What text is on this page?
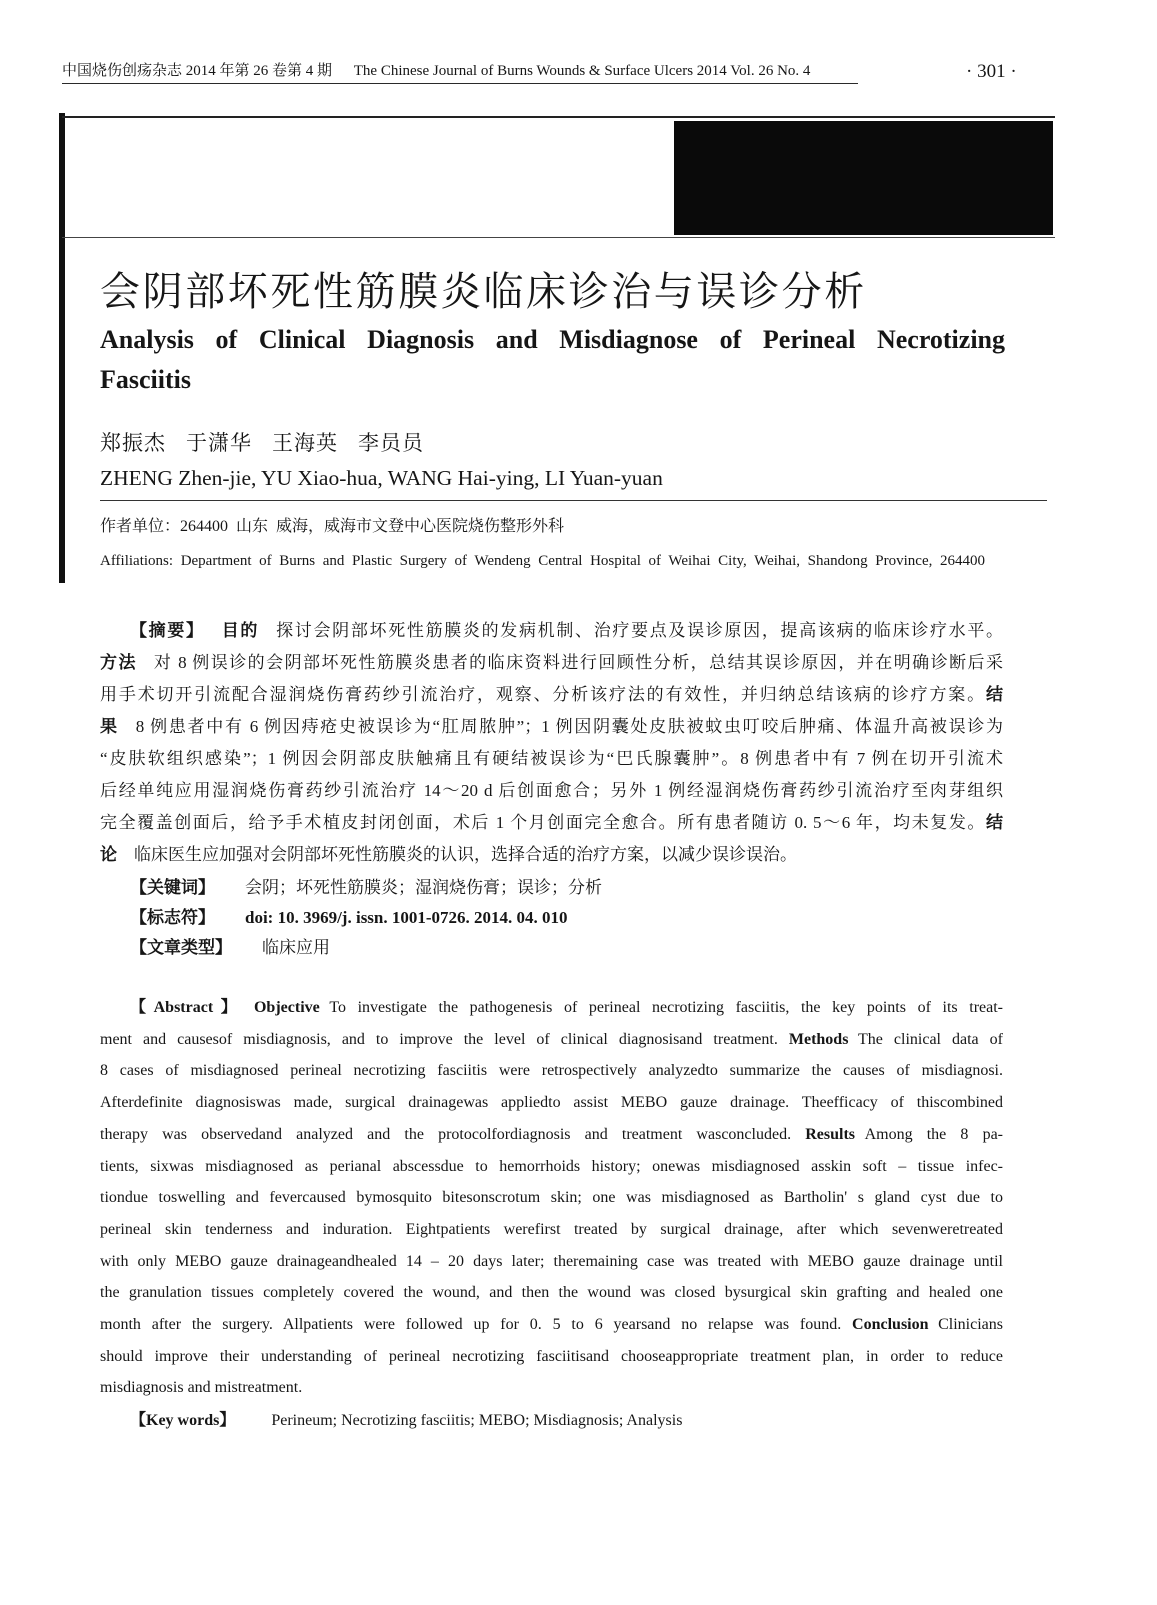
中国烧伤创疡杂志 2014 年第 26 卷第 4 期 The Chinese Journal of Burns Wounds & Surface Ulcers 2014 Vol. 26 No. 4	· 301 ·
会阴部坏死性筋膜炎临床诊治与误诊分析
Analysis of Clinical Diagnosis and Misdiagnose of Perineal Necrotizing
Fasciitis
郑振杰 于潇华 王海英 李员员
ZHENG Zhen-jie, YU Xiao-hua, WANG Hai-ying, LI Yuan-yuan
作者单位：264400  山东  威海，威海市文登中心医院烧伤整形外科
Affiliations: Department of Burns and Plastic Surgery of Wendeng Central Hospital of Weihai City, Weihai, Shandong Province, 264400
【摘要】 目的 探讨会阴部坏死性筋膜炎的发病机制、治疗要点及误诊原因，提高该病的临床诊疗水平。
方法 对 8 例误诊的会阴部坏死性筋膜炎患者的临床资料进行回顾性分析，总结其误诊原因，并在明确诊断后采
用手术切开引流配合湿润烧伤膏药纱引流治疗，观察、分析该疗法的有效性，并归纳总结该病的诊疗方案。结
果 8 例患者中有 6 例因痔疮史被误诊为“肛周脓肿”；1 例因阴囊处皮肤被蚊虫叮咬后肿痛、体温升高被误诊为
“皮肤软组织感染”；1 例因会阴部皮肤触痛且有硬结被误诊为“巴氏腺囊肿”。8 例患者中有 7 例在切开引流术
后经单纯应用湿润烧伤膏药纱引流治疗 14～20 d 后创面愈合；另外 1 例经湿润烧伤膏药纱引流治疗至肉芽组织
完全覆盖创面后，给予手术植皮封闭创面，术后 1 个月创面完全愈合。所有患者随访 0. 5～6 年，均未复发。结
论 临床医生应加强对会阴部坏死性筋膜炎的认识，选择合适的治疗方案，以减少误诊误治。
【关键词】 会阴；坏死性筋膜炎；湿润烧伤膏；误诊；分析
【标志符】 doi: 10. 3969/j. issn. 1001-0726. 2014. 04. 010
【文章类型】 临床应用
【Abstract】 Objective To investigate the pathogenesis of perineal necrotizing fasciitis, the key points of its treat-
ment and causesof misdiagnosis, and to improve the level of clinical diagnosisand treatment. Methods The clinical data of
8 cases of misdiagnosed perineal necrotizing fasciitis were retrospectively analyzedto summarize the causes of misdiagnosi.
Afterdefinite diagnosiswas made, surgical drainagewas appliedto assist MEBO gauze drainage. Theefficacy of thiscombined
therapy was observedand analyzed and the protocolfordiagnosis and treatment wasconcluded. Results Among the 8 pa-
tients, sixwas misdiagnosed as perianal abscessdue to hemorrhoids history; onewas misdiagnosed asskin soft – tissue infec-
tiondue toswelling and fevercaused bymosquito bitesonscrotum skin; one was misdiagnosed as Bartholin' s gland cyst due to
perineal skin tenderness and induration. Eightpatients werefirst treated by surgical drainage, after which sevenweretreated
with only MEBO gauze drainageandhealed 14 – 20 days later; theremaining case was treated with MEBO gauze drainage until
the granulation tissues completely covered the wound, and then the wound was closed bysurgical skin grafting and healed one
month after the surgery. Allpatients were followed up for 0. 5 to 6 yearsand no relapse was found. Conclusion Clinicians
should improve their understanding of perineal necrotizing fasciitisand chooseappropriate treatment plan, in order to reduce
misdiagnosis and mistreatment.
【Key words】 Perineum; Necrotizing fasciitis; MEBO; Misdiagnosis; Analysis
